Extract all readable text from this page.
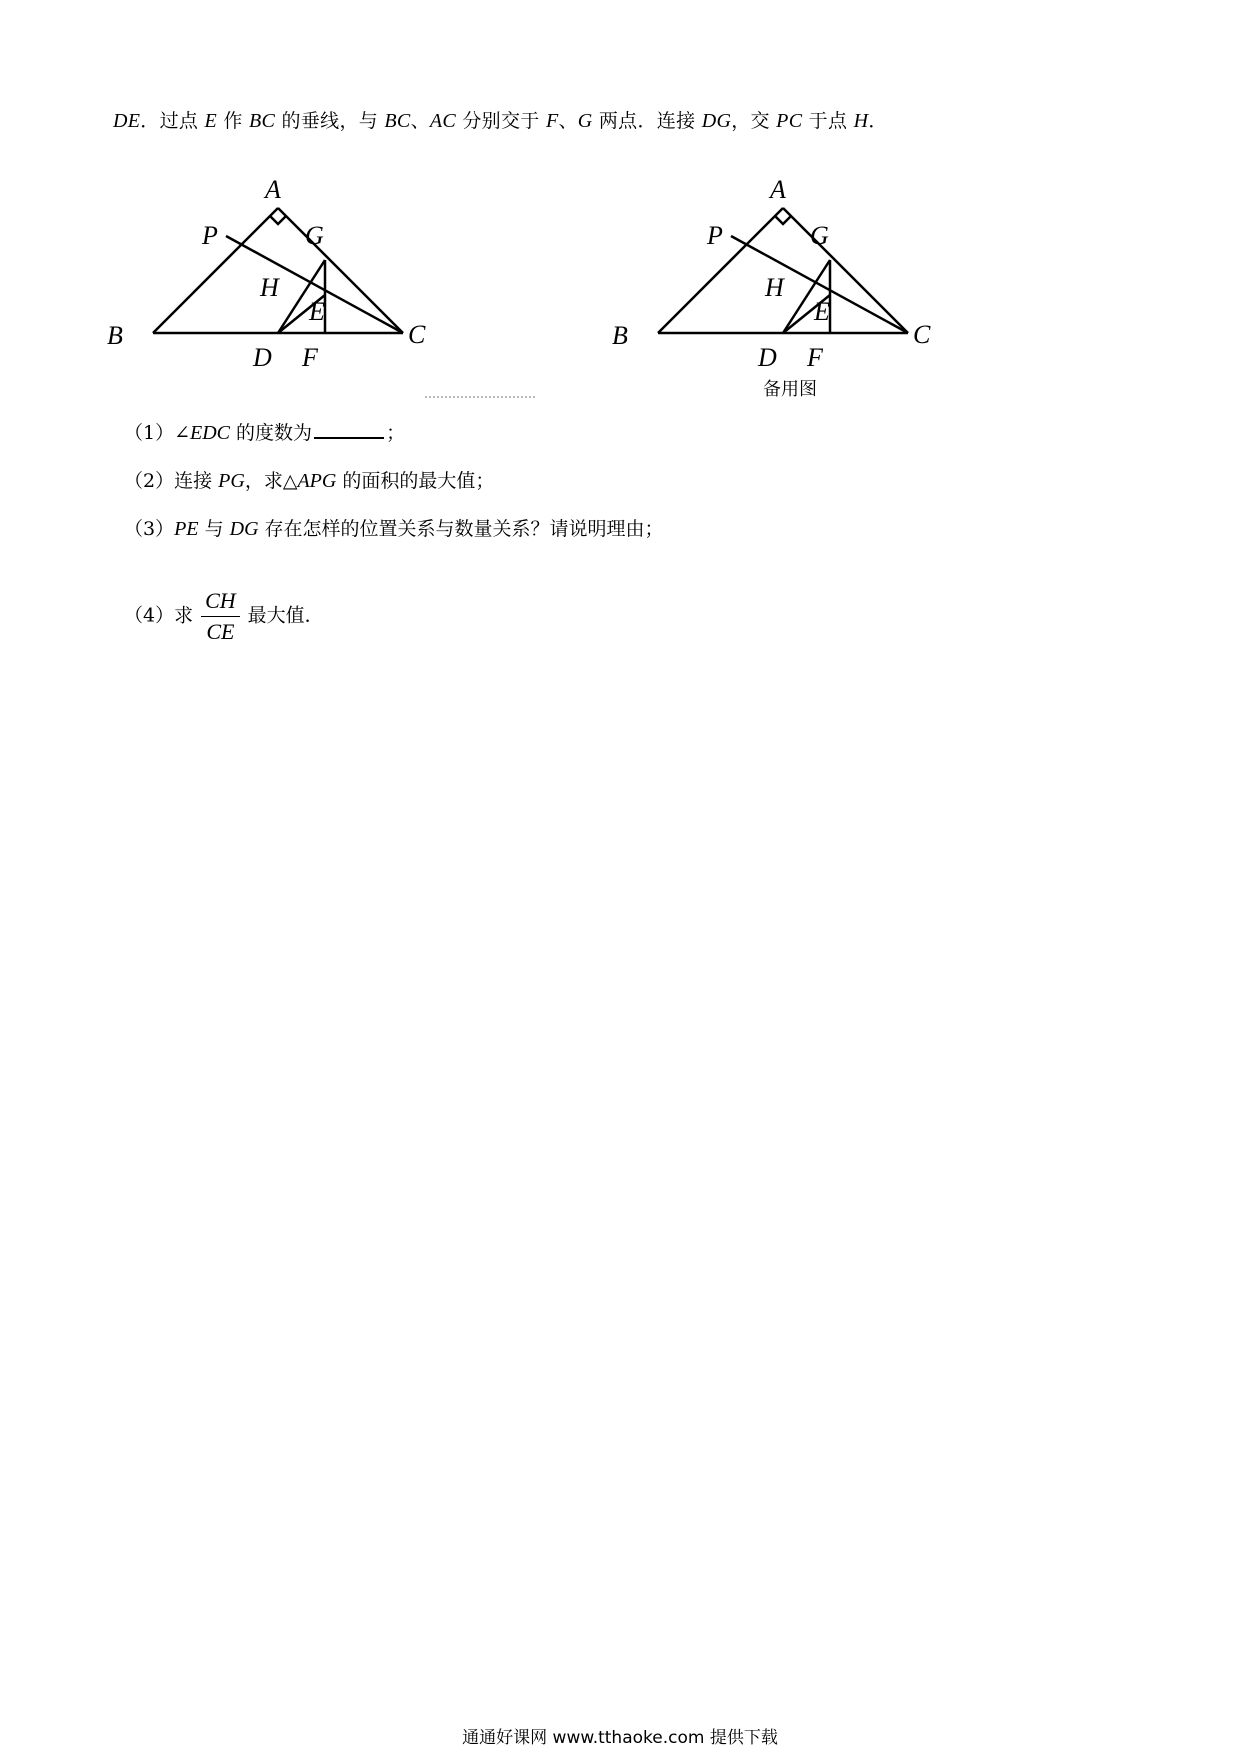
DE．过点 E 作 BC 的垂线，与 BC、AC 分别交于 F、G 两点．连接 DG，交 PC 于点 H．
A
P	G
H
E
B	C
D F
A
P	G
H
E
B	C
D F
备用图
（1）∠EDC 的度数为	；
（2）连接 PG，求△APG 的面积的最大值；
（3）PE 与 DG 存在怎样的位置关系与数量关系？请说明理由；
（4）求 $\frac{CH}{CE}$ 最大值．
通通好课网 www.tthaoke.com 提供下载
